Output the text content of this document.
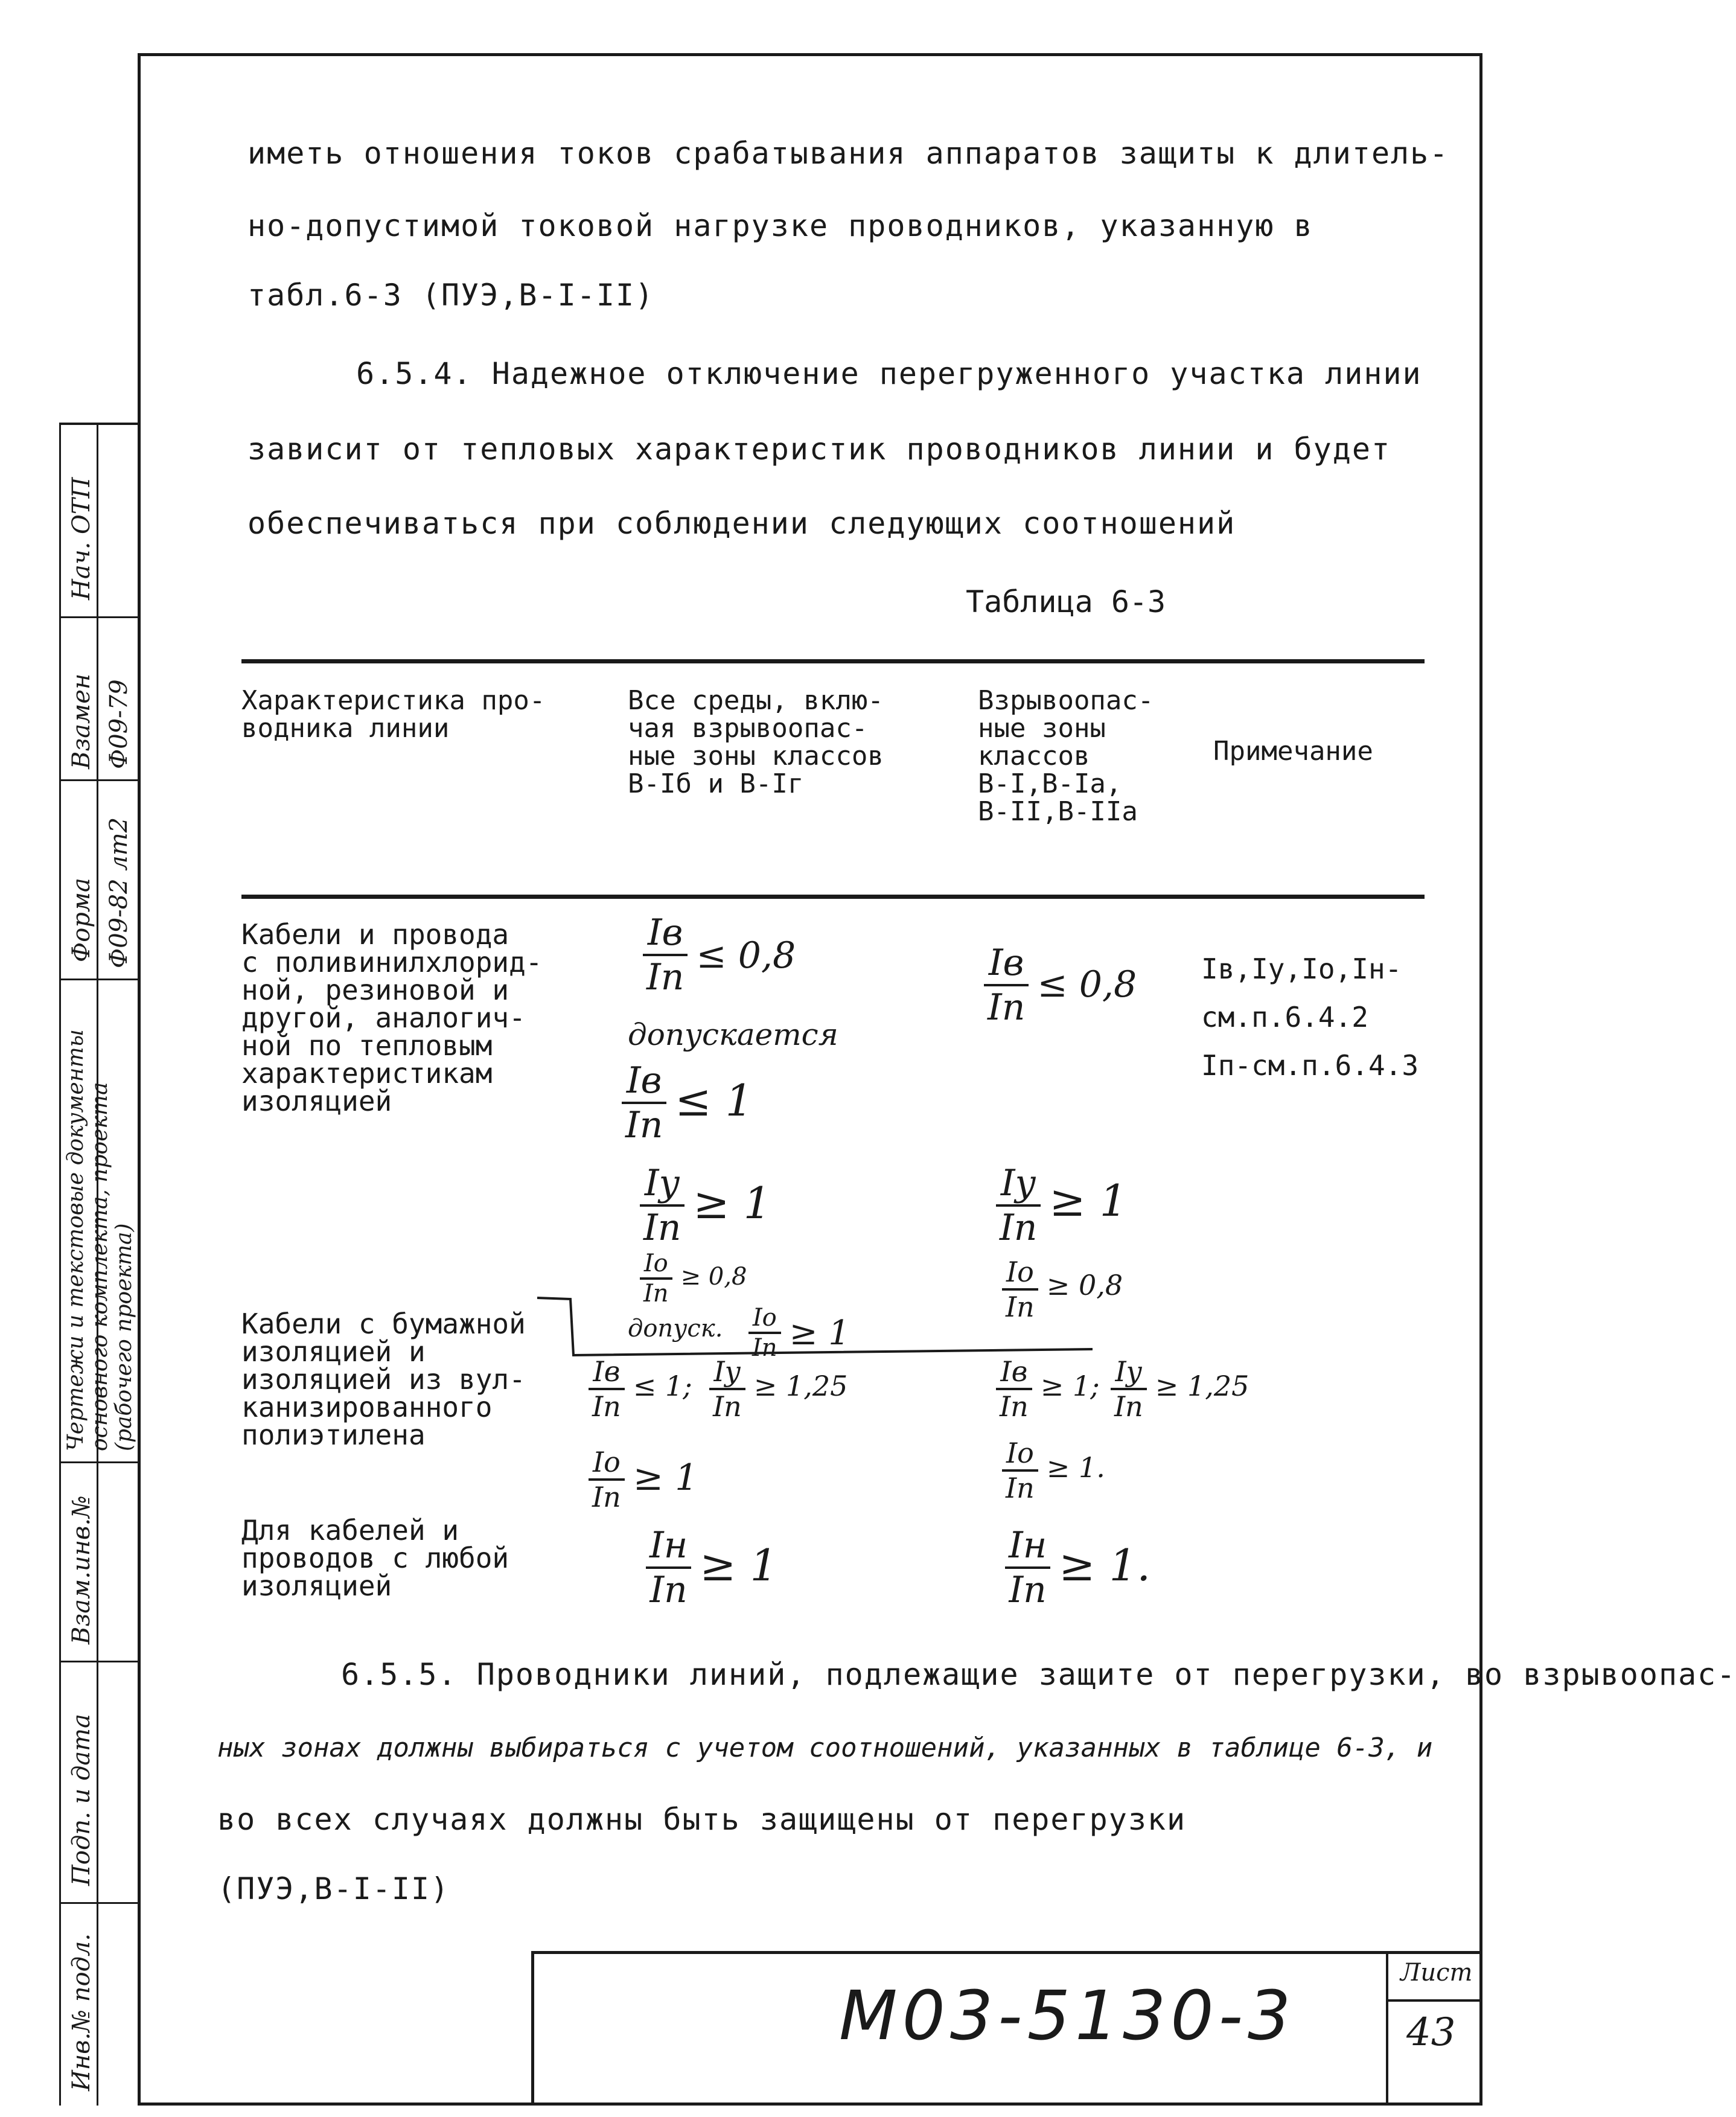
Нач. ОТП
Взамен Ф09-79
Форма Ф09-82 лт2
Чертежи и текстовые документы основного комплекта, проекта (рабочего проекта)
Взам.инв.№
Подп. и дата
Инв.№ подл.
иметь отношения токов срабатывания аппаратов защиты к длитель-
но-допустимой токовой нагрузке проводников, указанную в
табл.6-3 (ПУЭ,В-I-II)
6.5.4. Надежное отключение перегруженного участка линии
зависит от тепловых характеристик проводников линии и будет
обеспечиваться при соблюдении следующих соотношений
Таблица 6-3
Характеристика про-
водника линии
Все среды, вклю-
чая взрывоопас-
ные зоны классов
В-Iб и В-Iг
Взрывоопас-
ные зоны
классов
В-I,В-Iа,
В-II,В-IIа
Примечание
Кабели и провода
с поливинилхлорид-
ной, резиновой и
другой, аналогич-
ной по тепловым
характеристикам
изоляцией
Кабели с бумажной
изоляцией и
изоляцией из вул-
канизированного
полиэтилена
Для кабелей и
проводов с любой
изоляцией
Iв,Iу,Iо,Iн-
см.п.6.4.2
Iп-см.п.6.4.3
Iв
Iп
≤ 0,8
допускается
Iв
Iп ≤ 1
Iу
Iп ≥ 1
Iо
Iп
≥ 0,8
допуск. Iо
Iп ≥ 1
Iв
Iп
≤ 1; Iу
Iп
≥ 1,25
Iо
Iп ≥ 1
Iн
Iп ≥ 1
Iв
Iп
≤ 0,8
Iу
Iп
≥ 1
Iо
Iп
≥ 0,8
Iв
Iп
≥ 1; Iу
Iп
≥ 1,25
Iо
Iп
≥ 1.
Iн
Iп ≥ 1.
6.5.5. Проводники линий, подлежащие защите от перегрузки, во взрывоопас-
ных зонах должны выбираться с учетом соотношений, указанных в таблице 6-3, и
во всех случаях должны быть защищены от перегрузки
(ПУЭ,В-I-II)
М03-5130-3
Лист
43
